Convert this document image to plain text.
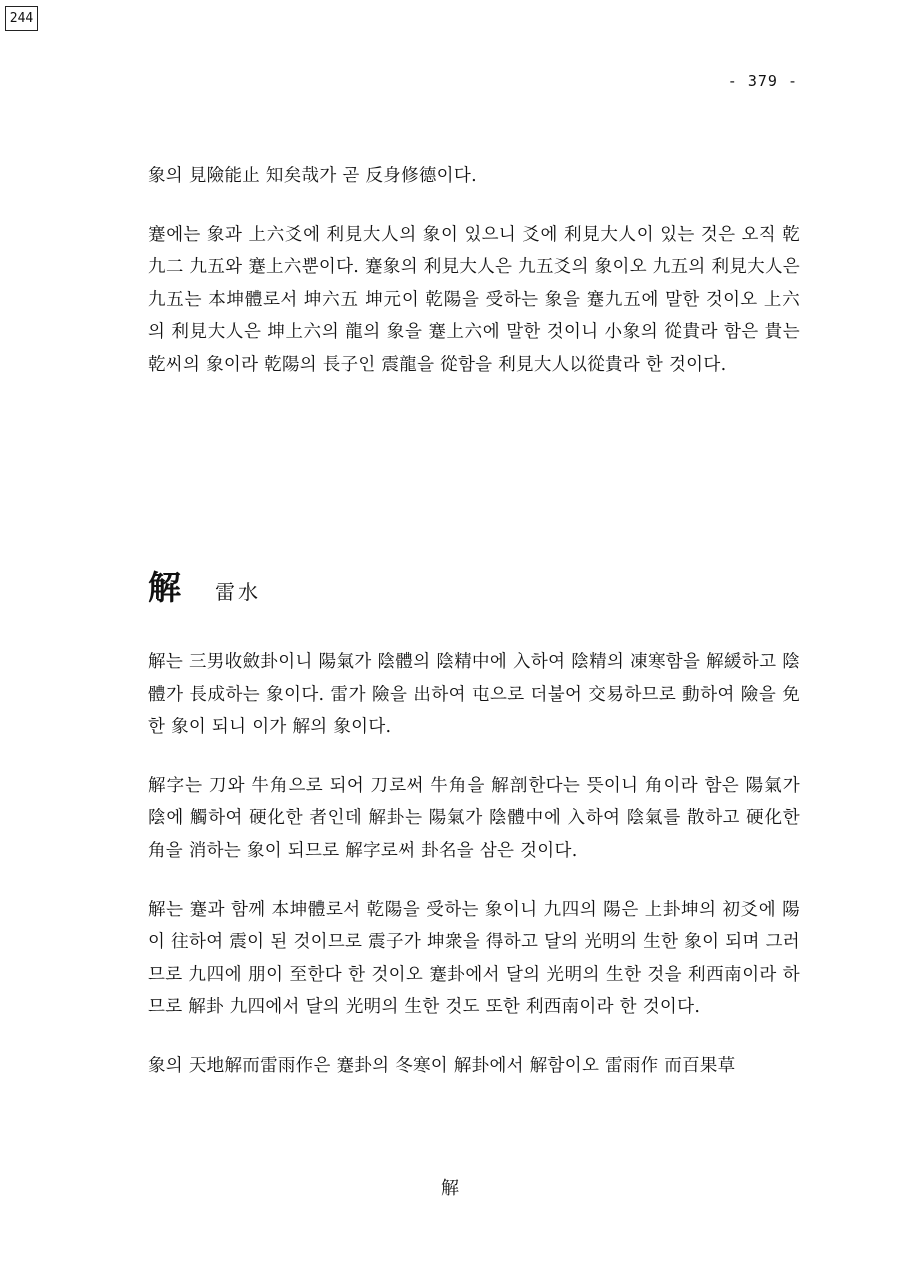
244
- 379 -

象의 見險能止 知矣哉가 곧 反身修德이다.

蹇에는 象과 上六爻에 利見大人의 象이 있으니 爻에 利見大人이 있는 것은 오직 乾九二 九五와 蹇上六뿐이다. 蹇象의 利見大人은 九五爻의 象이오 九五의 利見大人은 九五는 本坤體로서 坤六五 坤元이 乾陽을 受하는 象을 蹇九五에 말한 것이오 上六의 利見大人은 坤上六의 龍의 象을 蹇上六에 말한 것이니 小象의 從貴라 함은 貴는 乾씨의 象이라 乾陽의 長子인 震龍을 從함을 利見大人以從貴라 한 것이다.

解 雷水

解는 三男收斂卦이니 陽氣가 陰體의 陰精中에 入하여 陰精의 凍寒함을 解緩하고 陰體가 長成하는 象이다. 雷가 險을 出하여 屯으로 더불어 交易하므로 動하여 險을 免한 象이 되니 이가 解의 象이다.

解字는 刀와 牛角으로 되어 刀로써 牛角을 解剖한다는 뜻이니 角이라 함은 陽氣가 陰에 觸하여 硬化한 者인데 解卦는 陽氣가 陰體中에 入하여 陰氣를 散하고 硬化한 角을 消하는 象이 되므로 解字로써 卦名을 삼은 것이다.

解는 蹇과 함께 本坤體로서 乾陽을 受하는 象이니 九四의 陽은 上卦坤의 初爻에 陽이 往하여 震이 된 것이므로 震子가 坤衆을 得하고 달의 光明의 生한 象이 되며 그러므로 九四에 朋이 至한다 한 것이오 蹇卦에서 달의 光明의 生한 것을 利西南이라 하므로 解卦 九四에서 달의 光明의 生한 것도 또한 利西南이라 한 것이다.

象의 天地解而雷雨作은 蹇卦의 冬寒이 解卦에서 解함이오 雷雨作 而百果草

解
